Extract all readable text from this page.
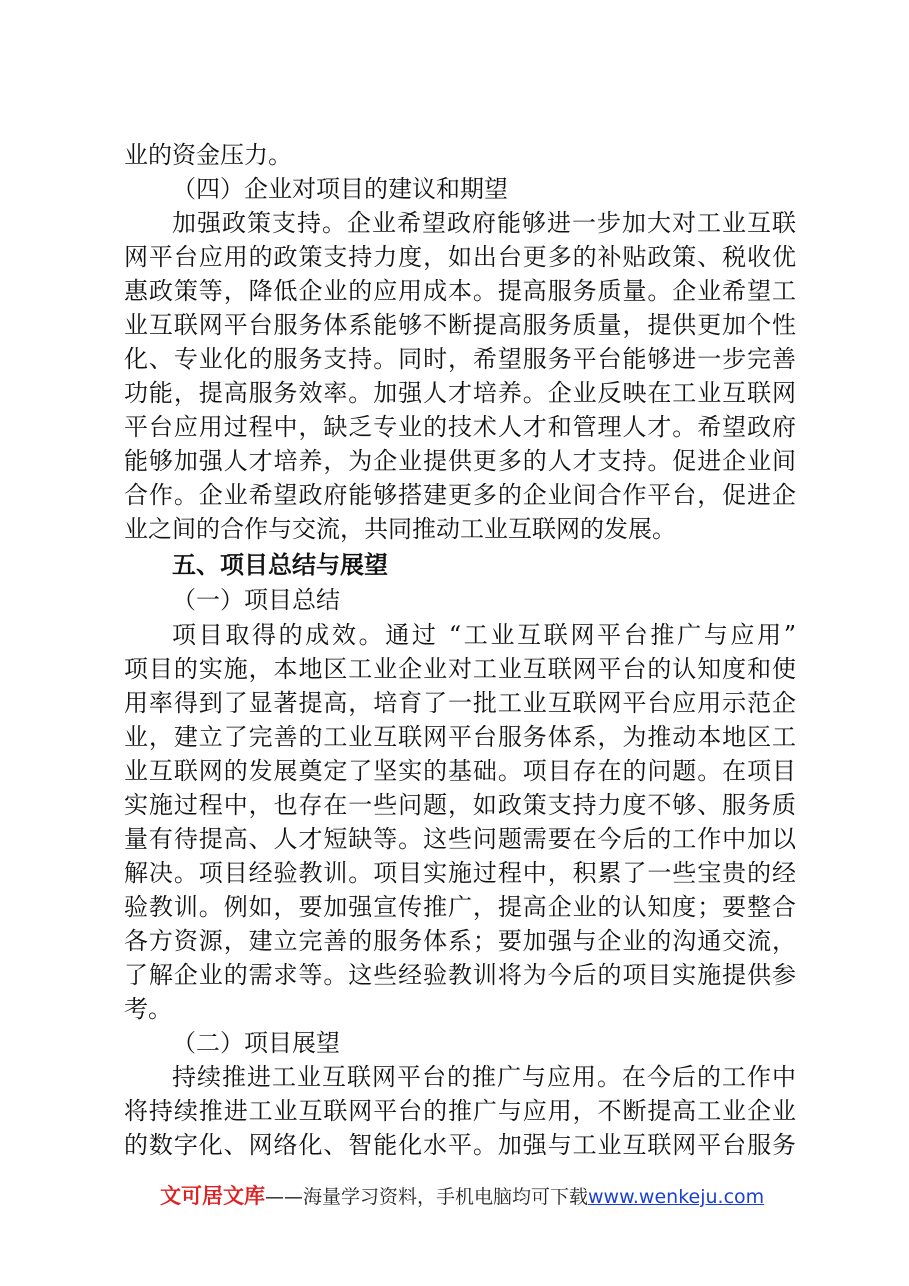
业的资金压力。
（四）企业对项目的建议和期望
加强政策支持。企业希望政府能够进一步加大对工业互联
网平台应用的政策支持力度，如出台更多的补贴政策、税收优
惠政策等，降低企业的应用成本。提高服务质量。企业希望工
业互联网平台服务体系能够不断提高服务质量，提供更加个性
化、专业化的服务支持。同时，希望服务平台能够进一步完善
功能，提高服务效率。加强人才培养。企业反映在工业互联网
平台应用过程中，缺乏专业的技术人才和管理人才。希望政府
能够加强人才培养，为企业提供更多的人才支持。促进企业间
合作。企业希望政府能够搭建更多的企业间合作平台，促进企
业之间的合作与交流，共同推动工业互联网的发展。
五、项目总结与展望
（一）项目总结
项目取得的成效。通过 “工业互联网平台推广与应用”
项目的实施，本地区工业企业对工业互联网平台的认知度和使
用率得到了显著提高，培育了一批工业互联网平台应用示范企
业，建立了完善的工业互联网平台服务体系，为推动本地区工
业互联网的发展奠定了坚实的基础。项目存在的问题。在项目
实施过程中，也存在一些问题，如政策支持力度不够、服务质
量有待提高、人才短缺等。这些问题需要在今后的工作中加以
解决。项目经验教训。项目实施过程中，积累了一些宝贵的经
验教训。例如，要加强宣传推广，提高企业的认知度；要整合
各方资源，建立完善的服务体系；要加强与企业的沟通交流，
了解企业的需求等。这些经验教训将为今后的项目实施提供参
考。
（二）项目展望
持续推进工业互联网平台的推广与应用。在今后的工作中
将持续推进工业互联网平台的推广与应用，不断提高工业企业
的数字化、网络化、智能化水平。加强与工业互联网平台服务
文可居文库——海量学习资料，手机电脑均可下载www.wenkeju.com
